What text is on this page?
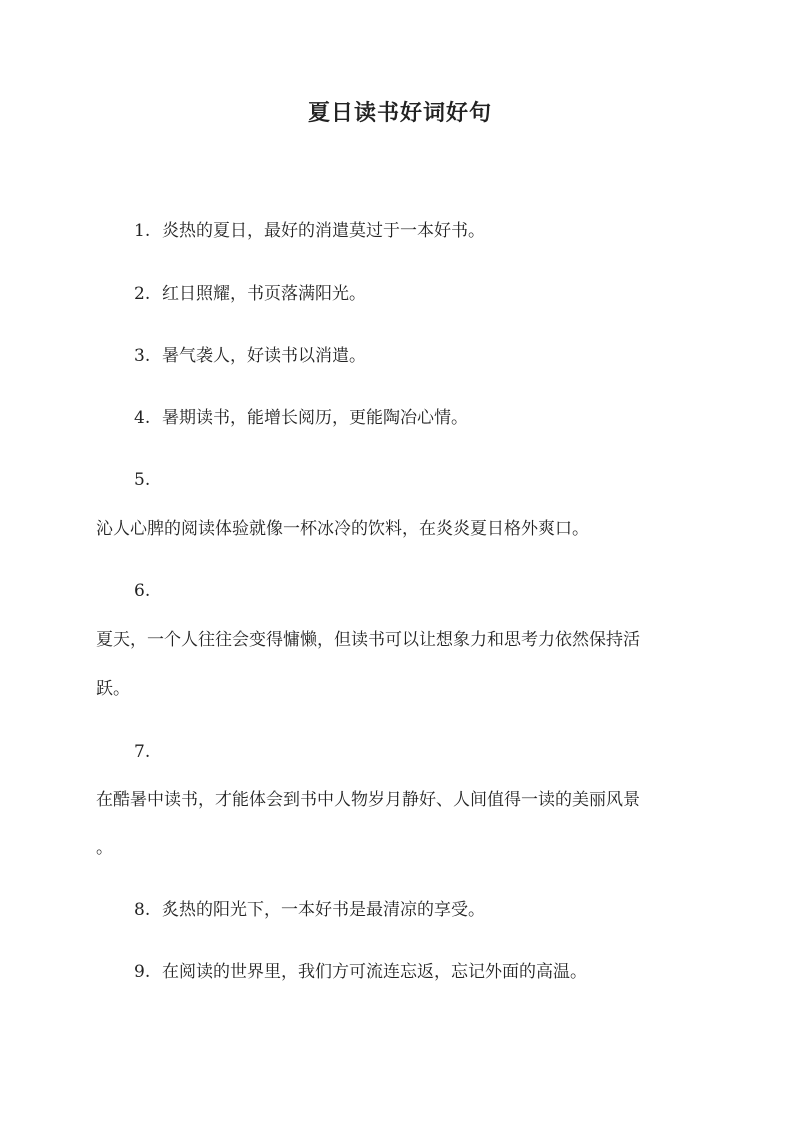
夏日读书好词好句
1. 炎热的夏日，最好的消遣莫过于一本好书。
2. 红日照耀，书页落满阳光。
3. 暑气袭人，好读书以消遣。
4. 暑期读书，能增长阅历，更能陶冶心情。
5.
沁人心脾的阅读体验就像一杯冰冷的饮料，在炎炎夏日格外爽口。
6.
夏天，一个人往往会变得慵懒，但读书可以让想象力和思考力依然保持活
跃。
7.
在酷暑中读书，才能体会到书中人物岁月静好、人间值得一读的美丽风景
。
8. 炙热的阳光下，一本好书是最清凉的享受。
9. 在阅读的世界里，我们方可流连忘返，忘记外面的高温。
